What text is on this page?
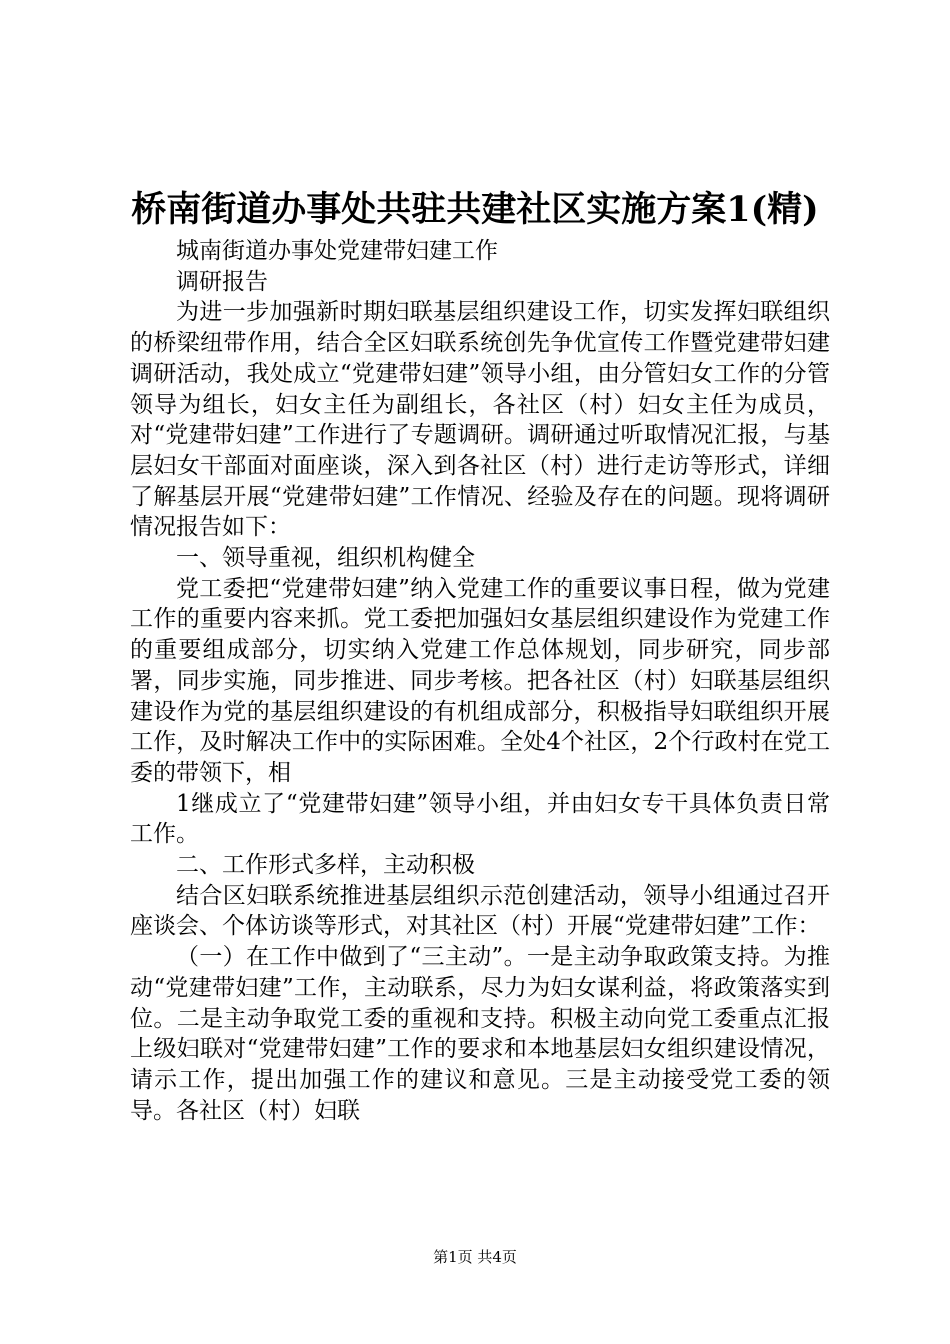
桥南街道办事处共驻共建社区实施方案1(精)

城南街道办事处党建带妇建工作

调研报告

为进一步加强新时期妇联基层组织建设工作，切实发挥妇联组织的桥梁纽带作用，结合全区妇联系统创先争优宣传工作暨党建带妇建调研活动，我处成立“党建带妇建”领导小组，由分管妇女工作的分管领导为组长，妇女主任为副组长，各社区（村）妇女主任为成员，对“党建带妇建”工作进行了专题调研。调研通过听取情况汇报，与基层妇女干部面对面座谈，深入到各社区（村）进行走访等形式，详细了解基层开展“党建带妇建”工作情况、经验及存在的问题。现将调研情况报告如下：

一、领导重视，组织机构健全

党工委把“党建带妇建”纳入党建工作的重要议事日程，做为党建工作的重要内容来抓。党工委把加强妇女基层组织建设作为党建工作的重要组成部分，切实纳入党建工作总体规划，同步研究，同步部署，同步实施，同步推进、同步考核。把各社区（村）妇联基层组织建设作为党的基层组织建设的有机组成部分，积极指导妇联组织开展工作，及时解决工作中的实际困难。全处4个社区，2个行政村在党工委的带领下，相

1继成立了“党建带妇建”领导小组，并由妇女专干具体负责日常工作。

二、工作形式多样，主动积极

结合区妇联系统推进基层组织示范创建活动，领导小组通过召开座谈会、个体访谈等形式，对其社区（村）开展“党建带妇建”工作：

（一）在工作中做到了“三主动”。一是主动争取政策支持。为推动“党建带妇建”工作，主动联系，尽力为妇女谋利益，将政策落实到位。二是主动争取党工委的重视和支持。积极主动向党工委重点汇报上级妇联对“党建带妇建”工作的要求和本地基层妇女组织建设情况，请示工作，提出加强工作的建议和意见。三是主动接受党工委的领导。各社区（村）妇联

第1页 共4页
